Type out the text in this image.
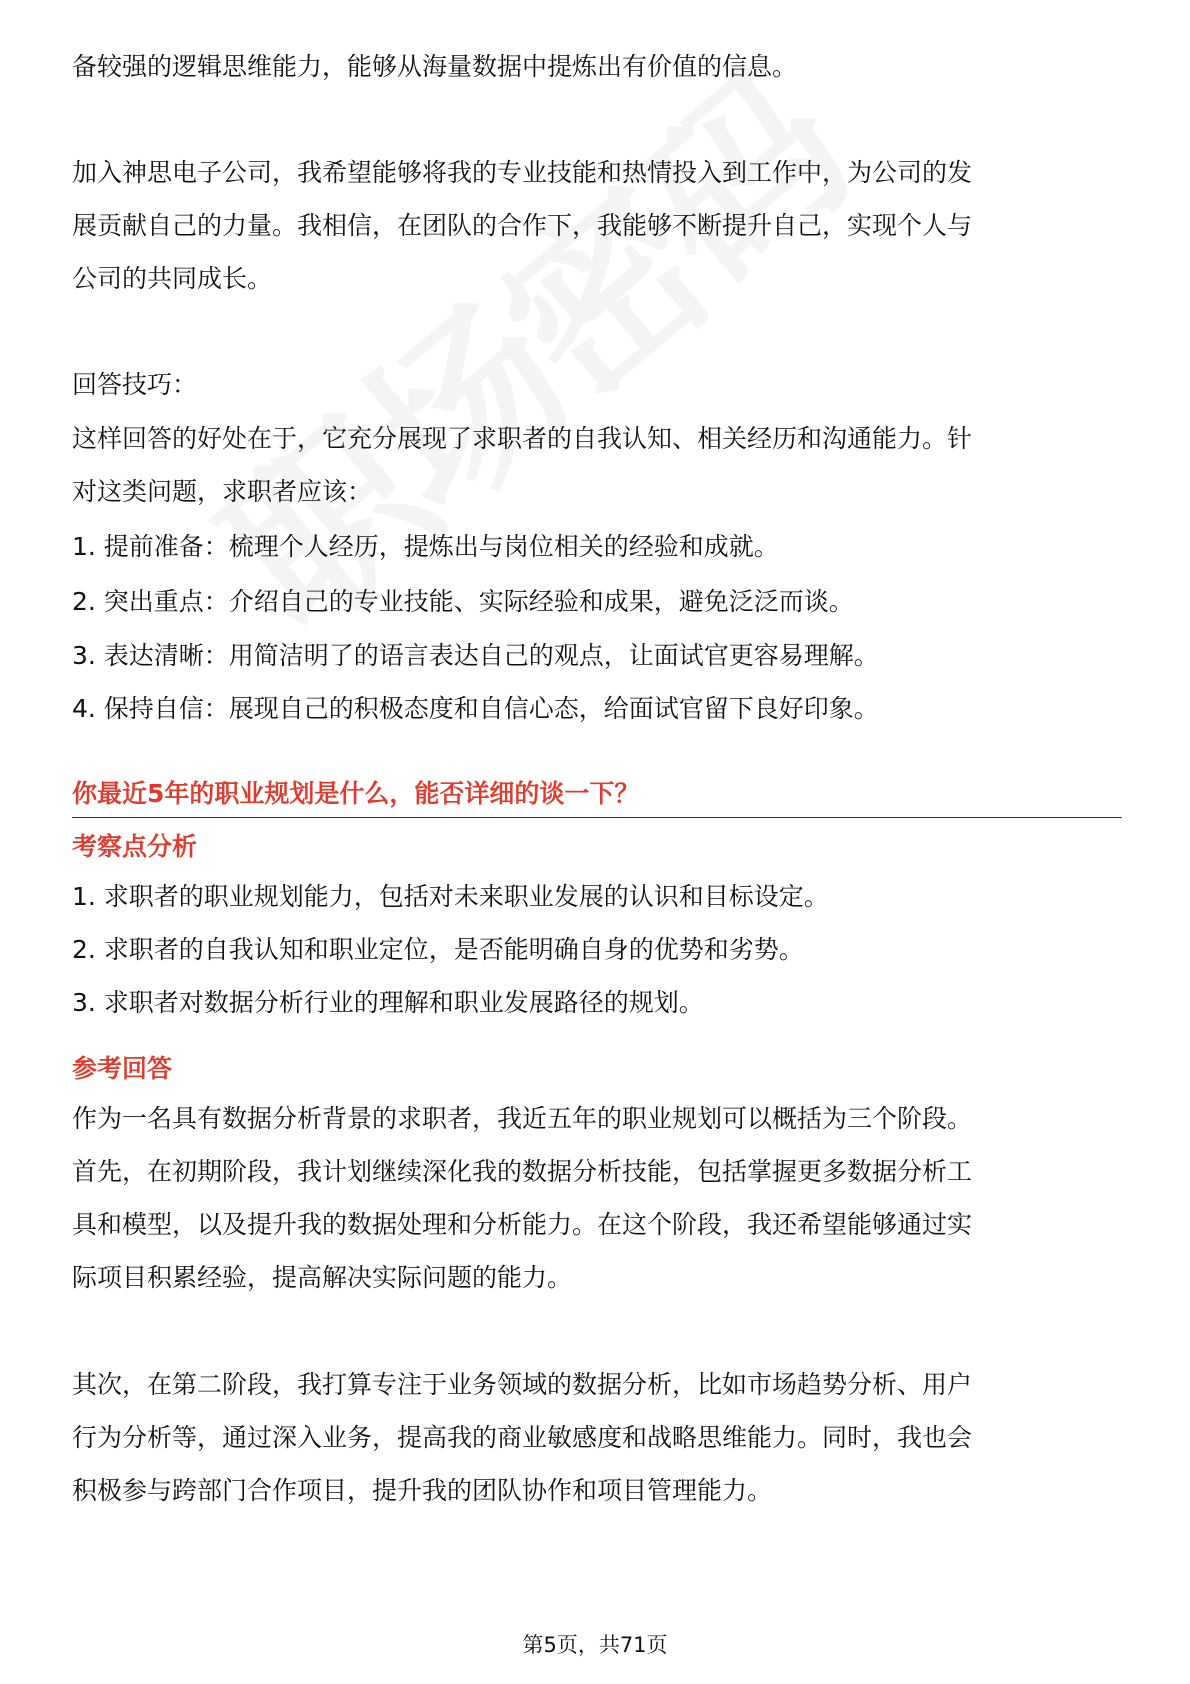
备较强的逻辑思维能力，能够从海量数据中提炼出有价值的信息。

加入神思电子公司，我希望能够将我的专业技能和热情投入到工作中，为公司的发

展贡献自己的力量。我相信，在团队的合作下，我能够不断提升自己，实现个人与

公司的共同成长。

回答技巧：

这样回答的好处在于，它充分展现了求职者的自我认知、相关经历和沟通能力。针

对这类问题，求职者应该：

1. 提前准备：梳理个人经历，提炼出与岗位相关的经验和成就。

2. 突出重点：介绍自己的专业技能、实际经验和成果，避免泛泛而谈。

3. 表达清晰：用简洁明了的语言表达自己的观点，让面试官更容易理解。

4. 保持自信：展现自己的积极态度和自信心态，给面试官留下良好印象。

你最近5年的职业规划是什么，能否详细的谈一下？

考察点分析

1. 求职者的职业规划能力，包括对未来职业发展的认识和目标设定。

2. 求职者的自我认知和职业定位，是否能明确自身的优势和劣势。

3. 求职者对数据分析行业的理解和职业发展路径的规划。

参考回答

作为一名具有数据分析背景的求职者，我近五年的职业规划可以概括为三个阶段。

首先，在初期阶段，我计划继续深化我的数据分析技能，包括掌握更多数据分析工

具和模型，以及提升我的数据处理和分析能力。在这个阶段，我还希望能够通过实

际项目积累经验，提高解决实际问题的能力。

其次，在第二阶段，我打算专注于业务领域的数据分析，比如市场趋势分析、用户

行为分析等，通过深入业务，提高我的商业敏感度和战略思维能力。同时，我也会

积极参与跨部门合作项目，提升我的团队协作和项目管理能力。

第5页，共71页
